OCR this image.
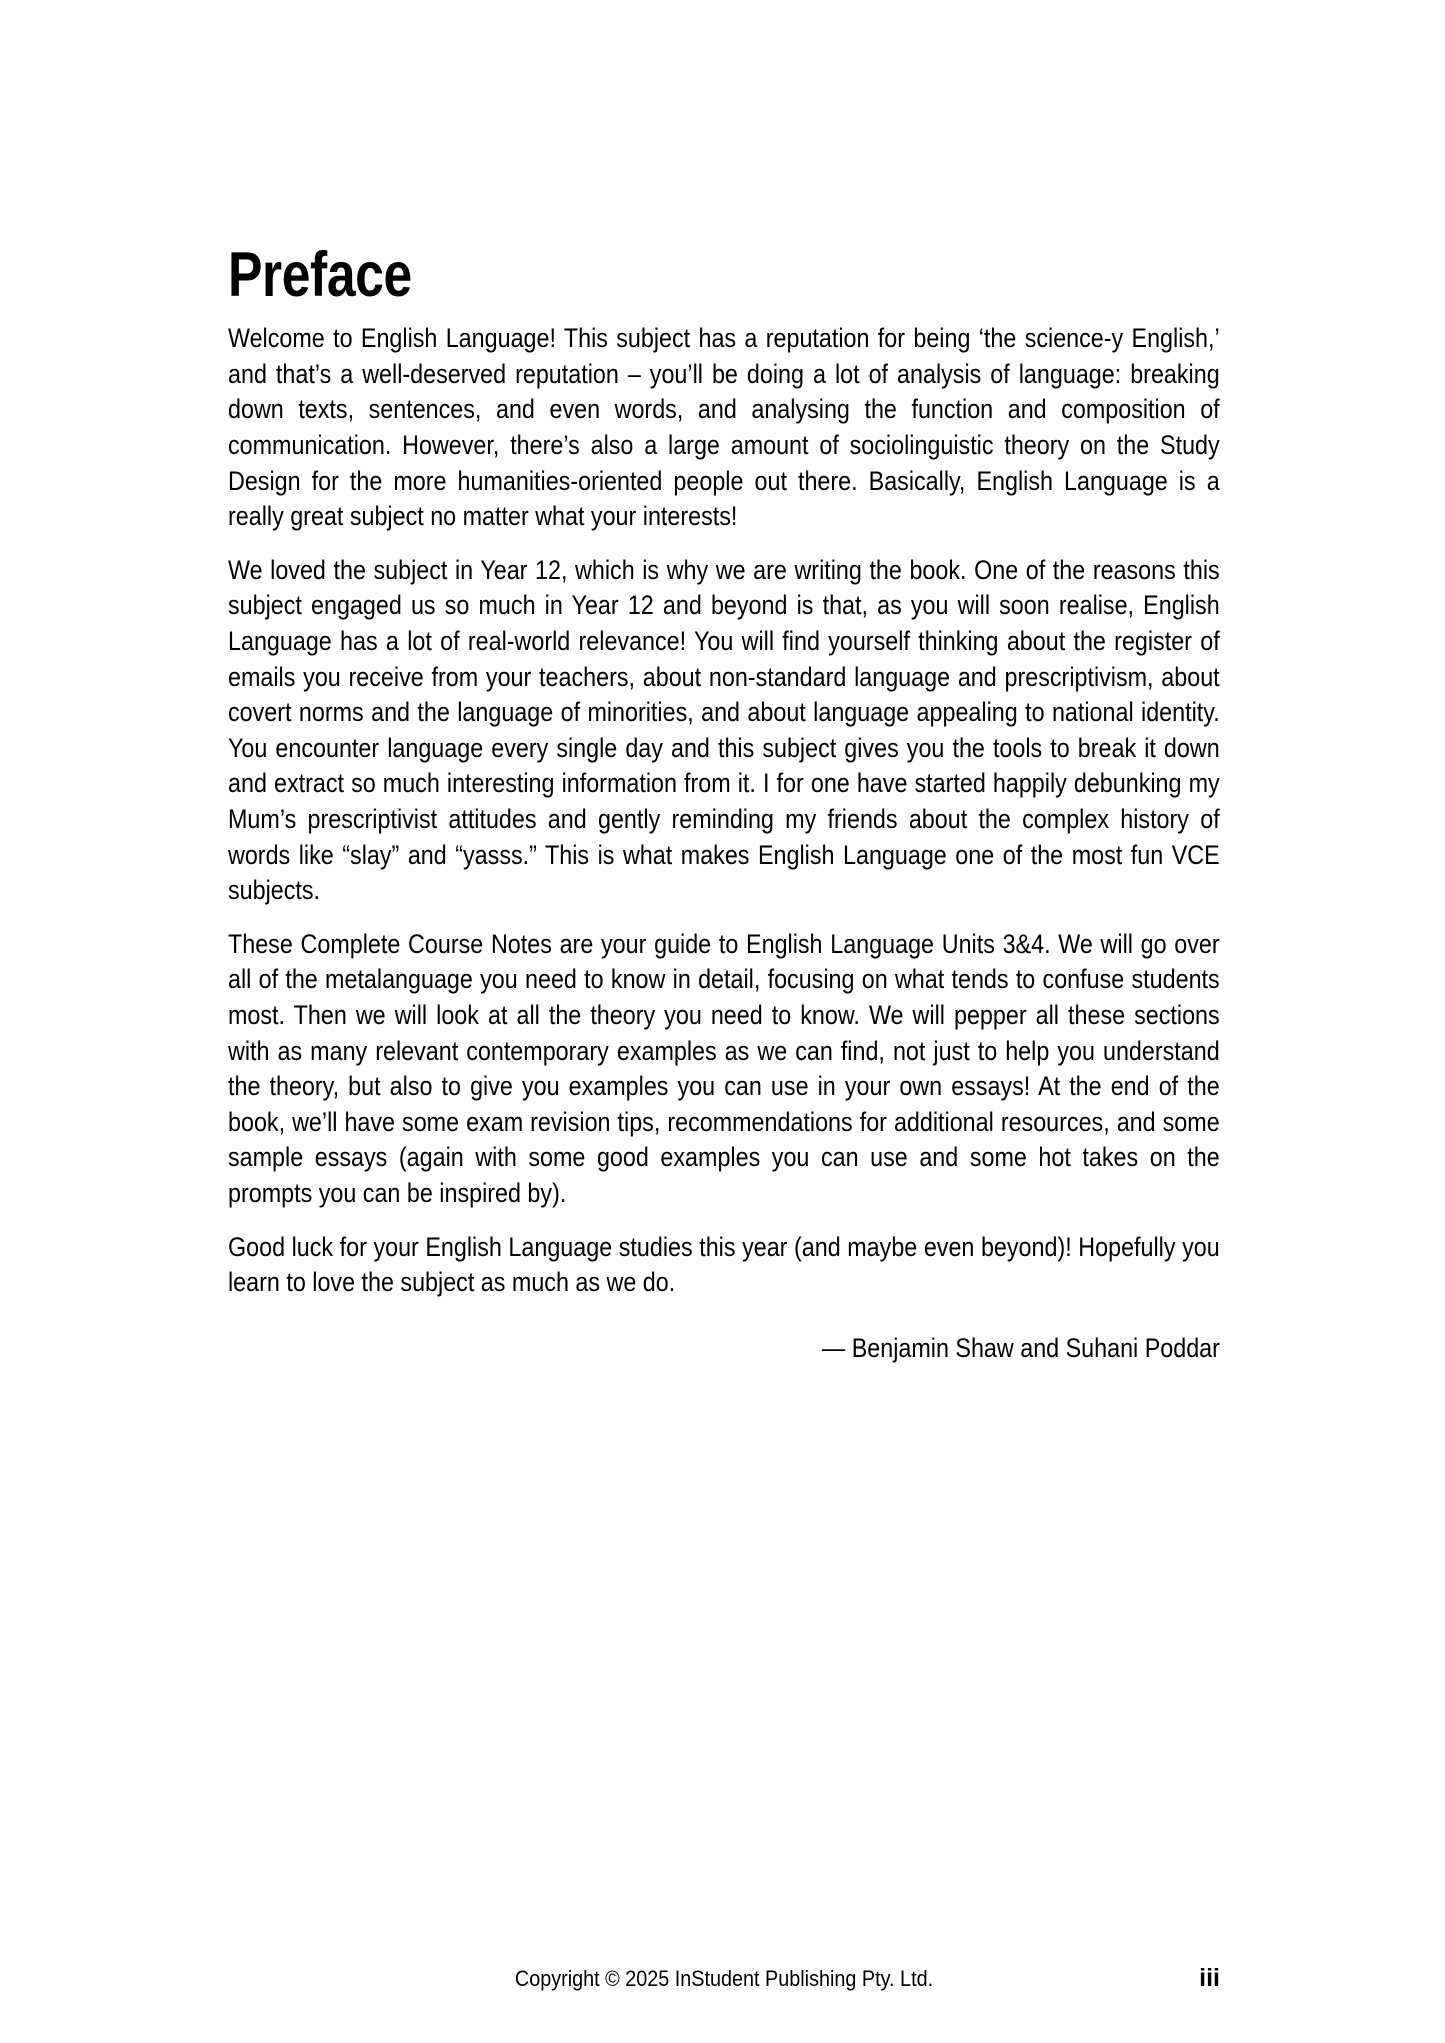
Preface

Welcome to English Language! This subject has a reputation for being ‘the science-y English,’ and that’s a well-deserved reputation – you’ll be doing a lot of analysis of language: breaking down texts, sentences, and even words, and analysing the function and composition of communication. However, there’s also a large amount of sociolinguistic theory on the Study Design for the more humanities-oriented people out there. Basically, English Language is a really great subject no matter what your interests!

We loved the subject in Year 12, which is why we are writing the book. One of the reasons this subject engaged us so much in Year 12 and beyond is that, as you will soon realise, English Language has a lot of real-world relevance! You will find yourself thinking about the register of emails you receive from your teachers, about non-standard language and prescriptivism, about covert norms and the language of minorities, and about language appealing to national identity. You encounter language every single day and this subject gives you the tools to break it down and extract so much interesting information from it. I for one have started happily debunking my Mum’s prescriptivist attitudes and gently reminding my friends about the complex history of words like “slay” and “yasss.” This is what makes English Language one of the most fun VCE subjects.

These Complete Course Notes are your guide to English Language Units 3&4. We will go over all of the metalanguage you need to know in detail, focusing on what tends to confuse students most. Then we will look at all the theory you need to know. We will pepper all these sections with as many relevant contemporary examples as we can find, not just to help you understand the theory, but also to give you examples you can use in your own essays! At the end of the book, we’ll have some exam revision tips, recommendations for additional resources, and some sample essays (again with some good examples you can use and some hot takes on the prompts you can be inspired by).

Good luck for your English Language studies this year (and maybe even beyond)! Hopefully you learn to love the subject as much as we do.

— Benjamin Shaw and Suhani Poddar
Copyright © 2025 InStudent Publishing Pty. Ltd.	iii
